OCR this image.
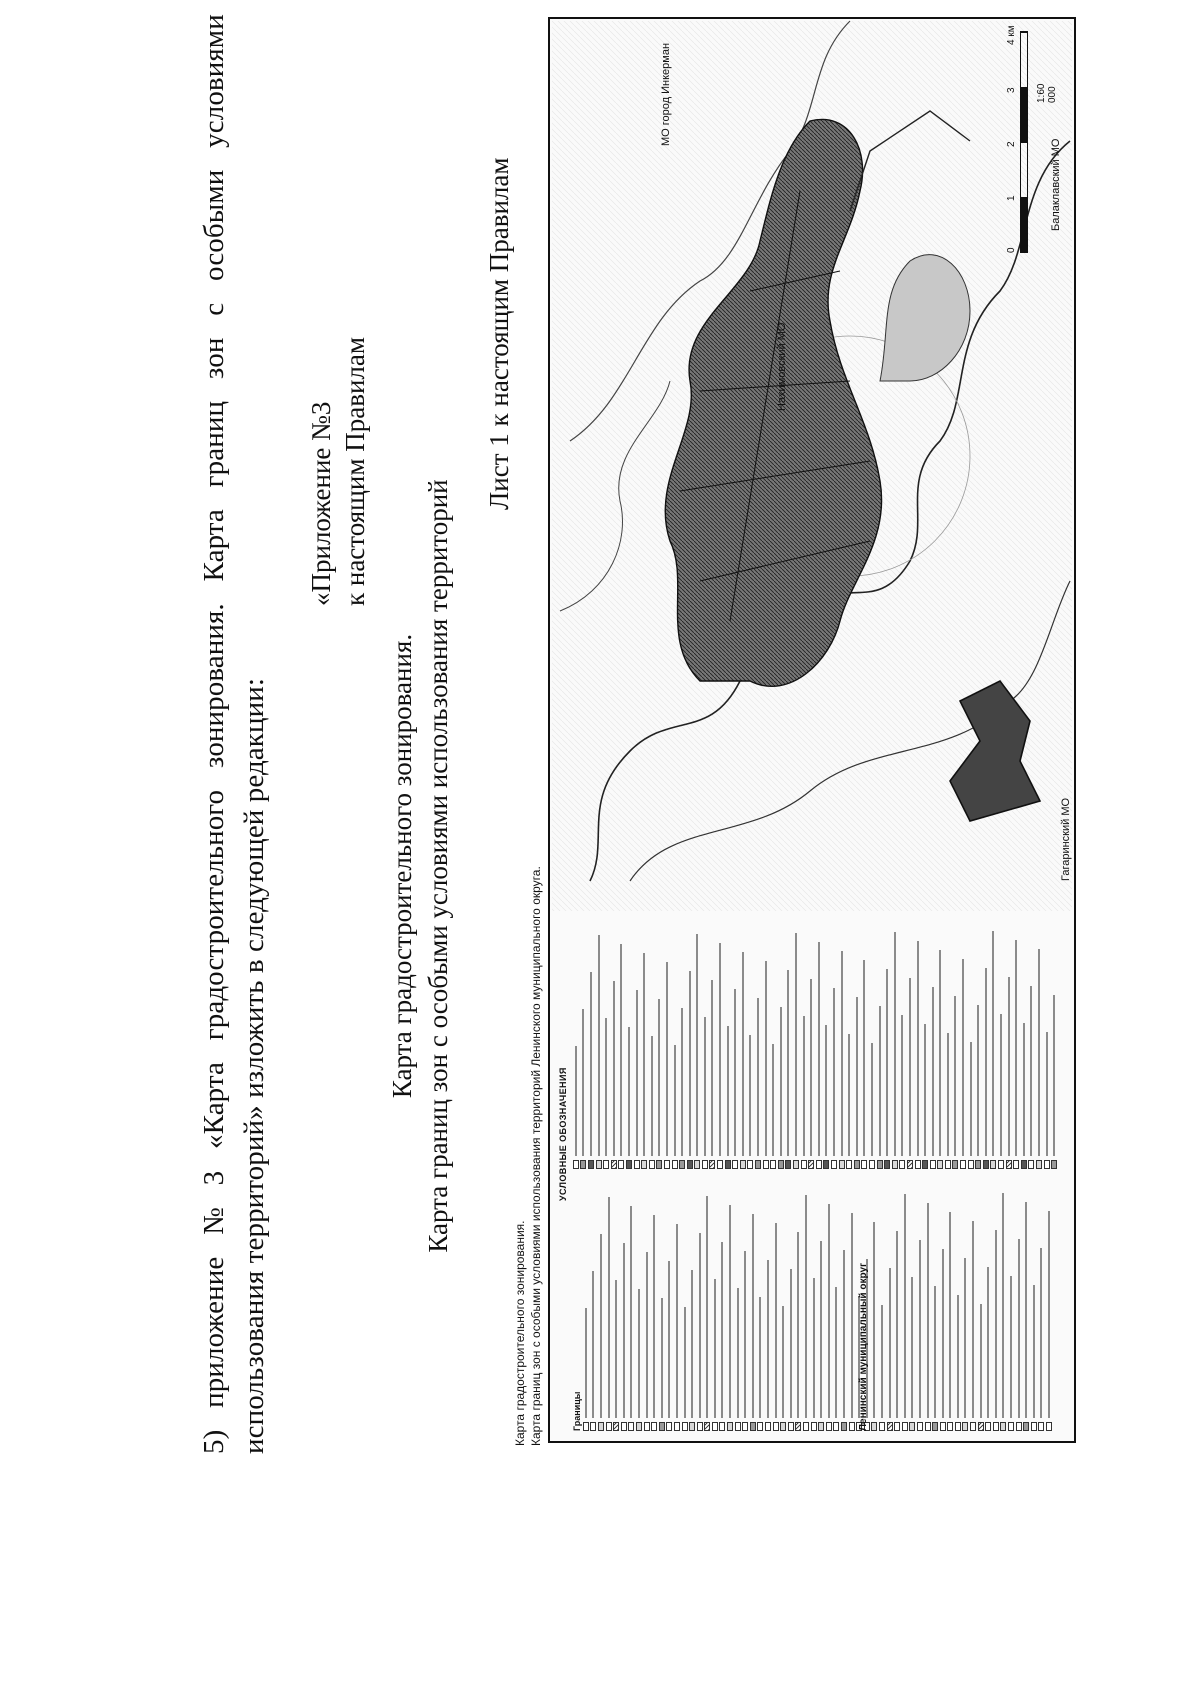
5)
приложение
№
3
«Карта
градостроительного
зонирования.
Карта
границ
зон
с
особыми
условиями
использования территорий» изложить в следующей редакции:
«Приложение №3 к настоящим Правилам
Карта градостроительного зонирования. Карта границ зон с особыми условиями использования территорий
Лист 1 к настоящим Правилам
Карта градостроительного зонирования. Карта границ зон с особыми условиями использования территорий Ленинского муниципального округа. УСЛОВНЫЕ ОБОЗНАЧЕНИЯ
Границы	Ленинский муниципальный округ
Гагаринский МО
Нахимовский МО
МО город Инкерман
Балаклавский МО
0
1
2
3
4 км
1:60 000
